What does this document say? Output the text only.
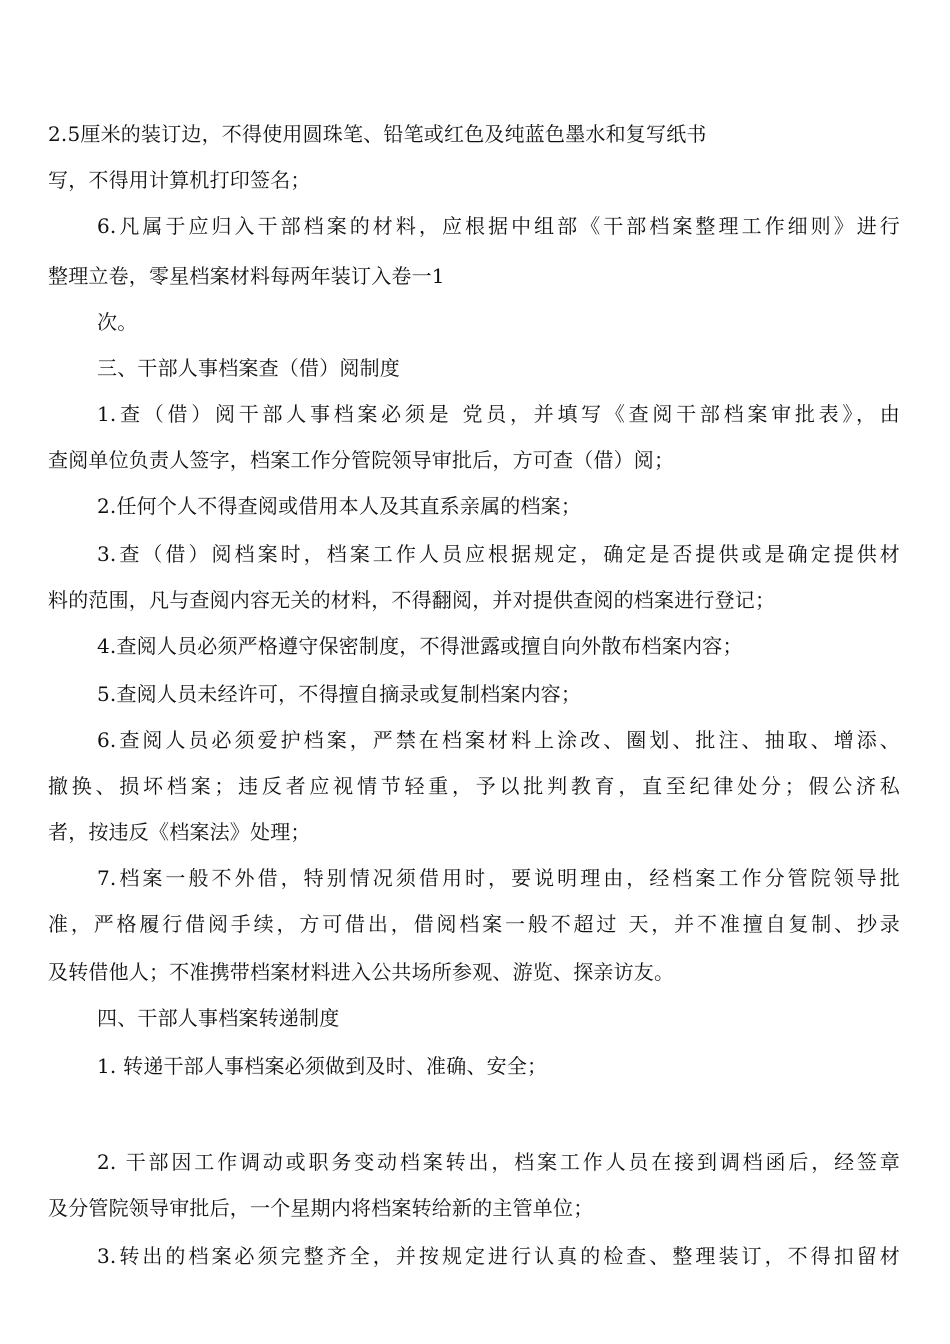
2.5厘米的装订边，不得使用圆珠笔、铅笔或红色及纯蓝色墨水和复写纸书
写，不得用计算机打印签名；
6.凡属于应归入干部档案的材料，应根据中组部《干部档案整理工作细则》进行
整理立卷，零星档案材料每两年装订入卷一1
次。
三、干部人事档案查（借）阅制度
1.查（借）阅干部人事档案必须是 党员，并填写《查阅干部档案审批表》，由
查阅单位负责人签字，档案工作分管院领导审批后，方可查（借）阅；
2.任何个人不得查阅或借用本人及其直系亲属的档案；
3.查（借）阅档案时，档案工作人员应根据规定，确定是否提供或是确定提供材
料的范围，凡与查阅内容无关的材料，不得翻阅，并对提供查阅的档案进行登记；
4.查阅人员必须严格遵守保密制度，不得泄露或擅自向外散布档案内容；
5.查阅人员未经许可，不得擅自摘录或复制档案内容；
6.查阅人员必须爱护档案，严禁在档案材料上涂改、圈划、批注、抽取、增添、
撤换、损坏档案；违反者应视情节轻重，予以批判教育，直至纪律处分；假公济私
者，按违反《档案法》处理；
7.档案一般不外借，特别情况须借用时，要说明理由，经档案工作分管院领导批
准，严格履行借阅手续，方可借出，借阅档案一般不超过 天，并不准擅自复制、抄录
及转借他人；不准携带档案材料进入公共场所参观、游览、探亲访友。
四、干部人事档案转递制度
1. 转递干部人事档案必须做到及时、准确、安全；
2. 干部因工作调动或职务变动档案转出，档案工作人员在接到调档函后，经签章
及分管院领导审批后，一个星期内将档案转给新的主管单位；
3.转出的档案必须完整齐全，并按规定进行认真的检查、整理装订，不得扣留材
